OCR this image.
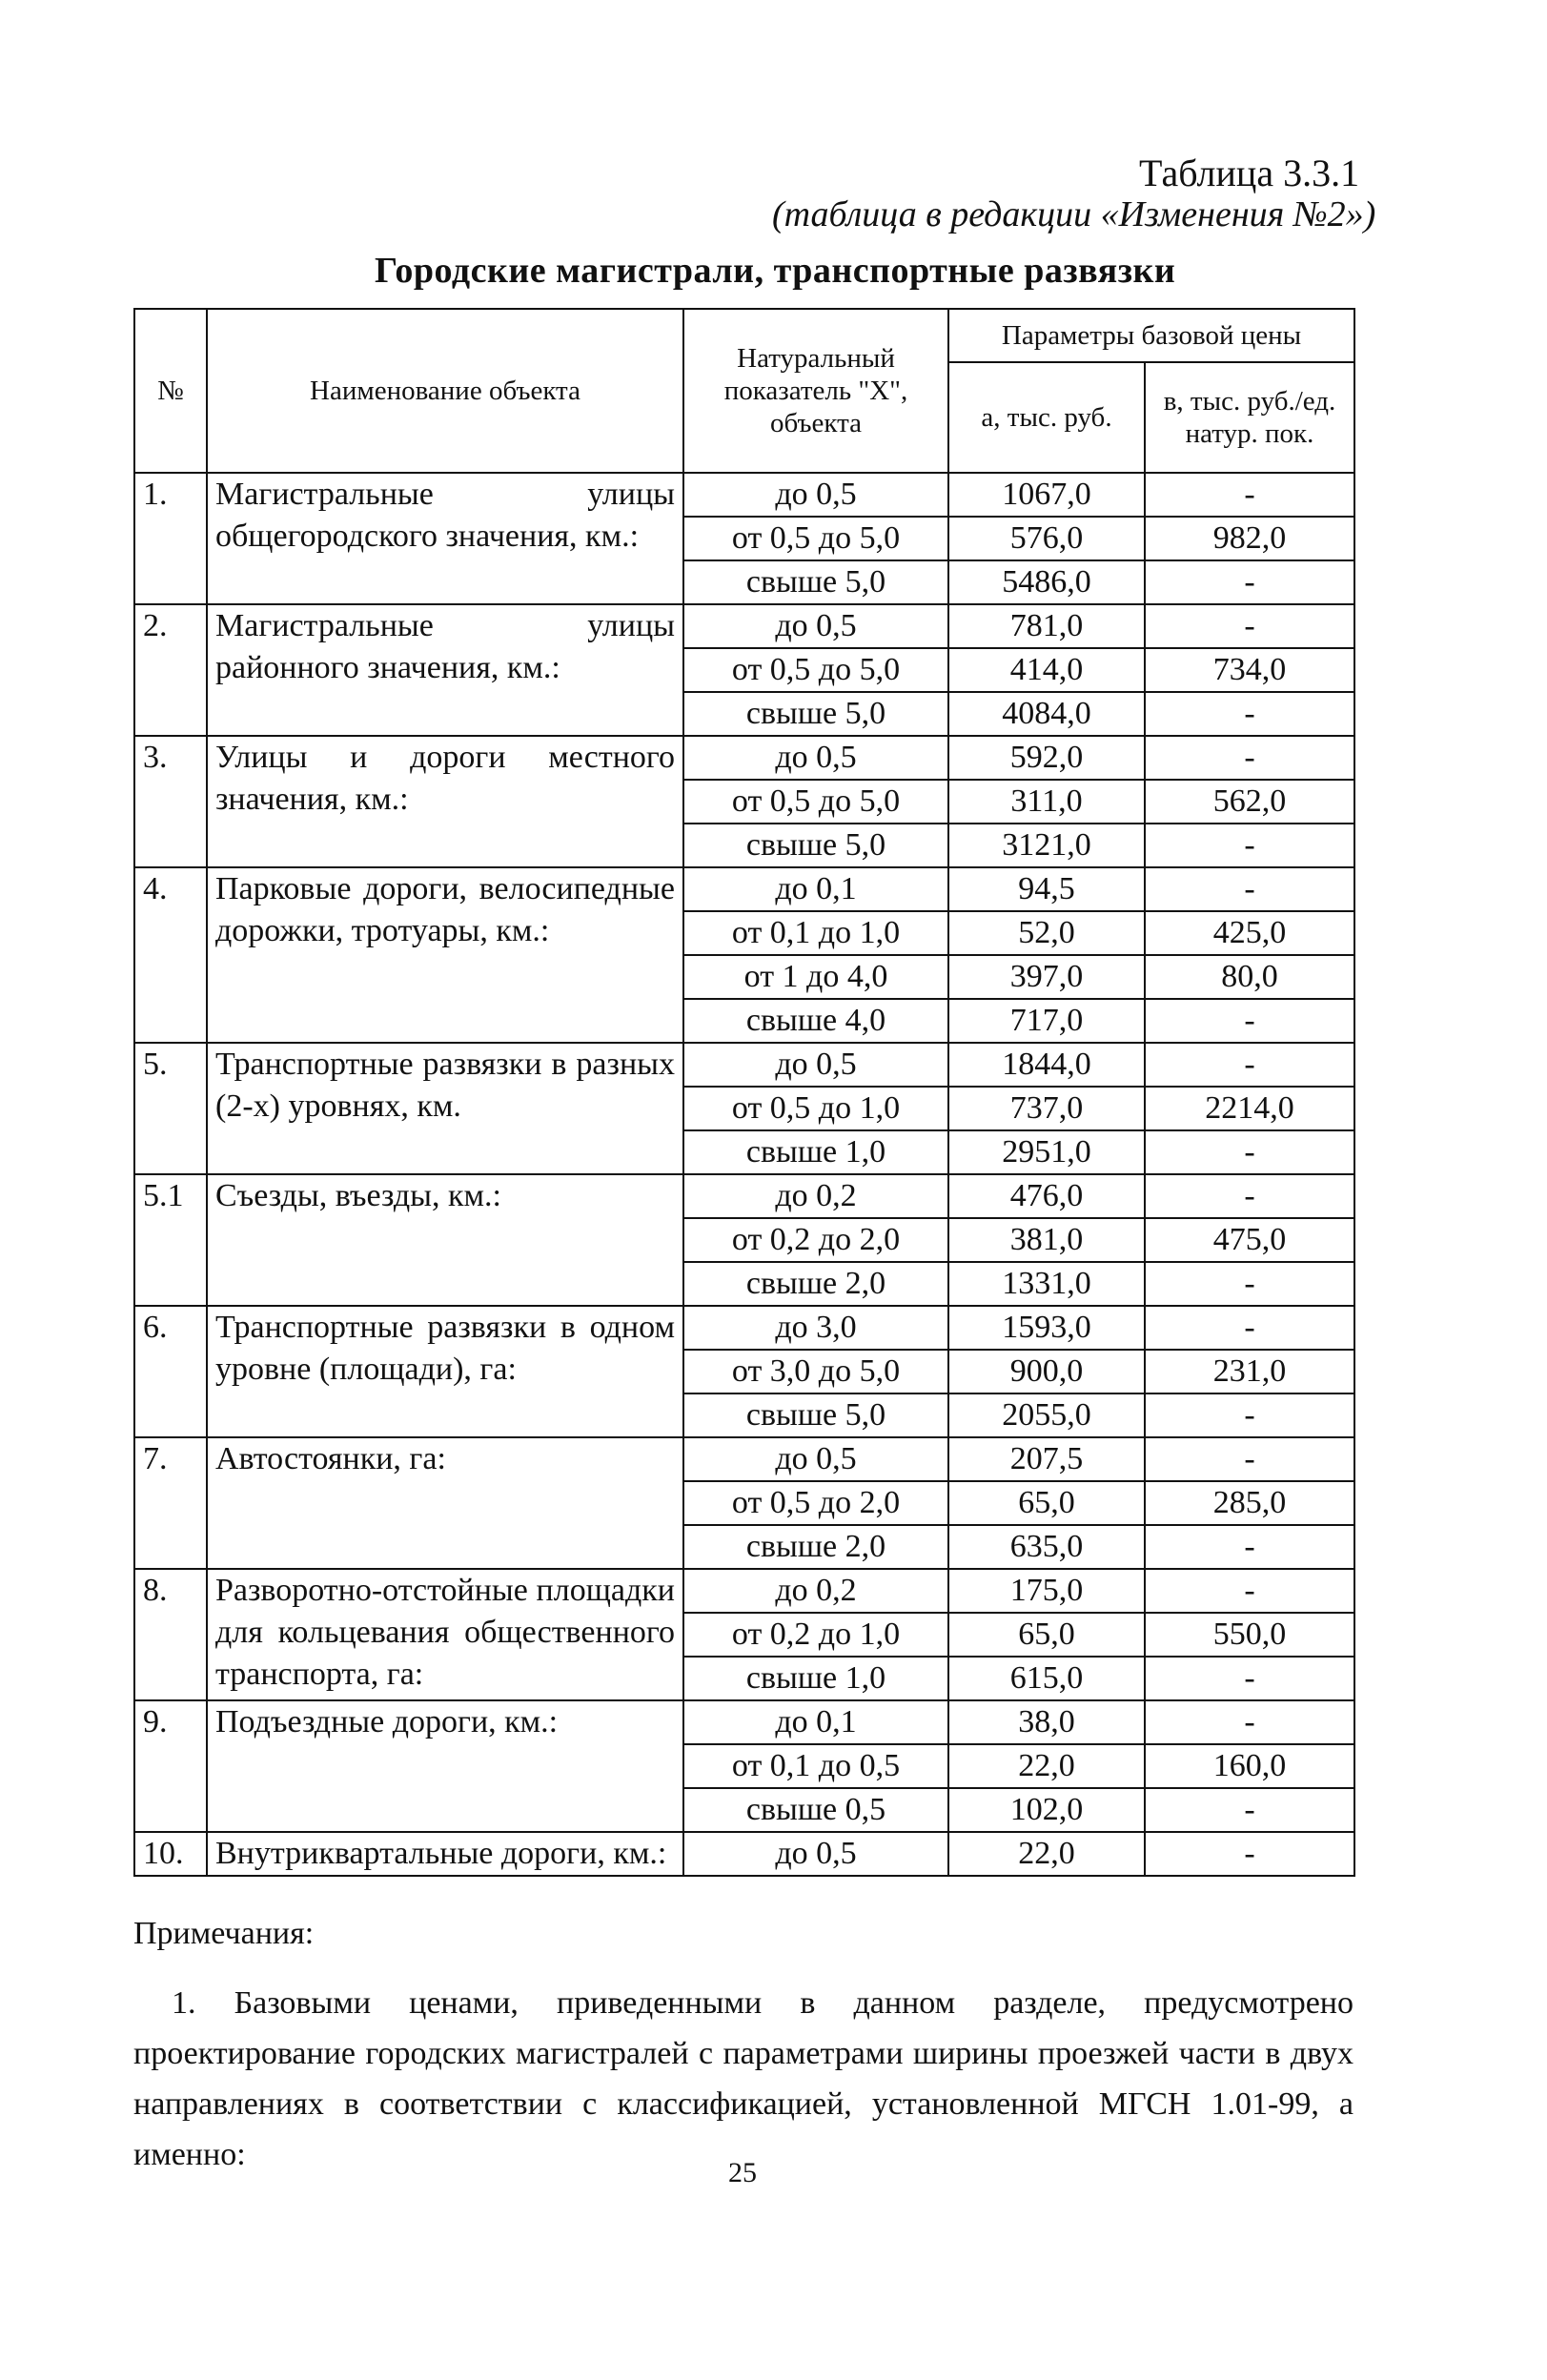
Таблица 3.3.1
(таблица в редакции «Изменения №2»)
Городские магистрали, транспортные развязки
№	Наименование объекта	Натуральный показатель "X", объекта	Параметры базовой цены	
			а, тыс. руб.	в, тыс. руб./ед. натур. пок.
1.	Магистральные улицы общегородского значения, км.:	до 0,5	1067,0	-
		от 0,5 до 5,0	576,0	982,0
		свыше 5,0	5486,0	-
2.	Магистральные улицы районного значения, км.:	до 0,5	781,0	-
		от 0,5 до 5,0	414,0	734,0
		свыше 5,0	4084,0	-
3.	Улицы и дороги местного значения, км.:	до 0,5	592,0	-
		от 0,5 до 5,0	311,0	562,0
		свыше 5,0	3121,0	-
4.	Парковые дороги, велосипедные дорожки, тротуары, км.:	до 0,1	94,5	-
		от 0,1 до 1,0	52,0	425,0
		от 1 до 4,0	397,0	80,0
		свыше 4,0	717,0	-
5.	Транспортные развязки в разных (2-х) уровнях, км.	до 0,5	1844,0	-
		от 0,5 до 1,0	737,0	2214,0
		свыше 1,0	2951,0	-
5.1	Съезды, въезды, км.:	до 0,2	476,0	-
		от 0,2 до 2,0	381,0	475,0
		свыше 2,0	1331,0	-
6.	Транспортные развязки в одном уровне (площади), га:	до 3,0	1593,0	-
		от 3,0 до 5,0	900,0	231,0
		свыше 5,0	2055,0	-
7.	Автостоянки, га:	до 0,5	207,5	-
		от 0,5 до 2,0	65,0	285,0
		свыше 2,0	635,0	-
8.	Разворотно-отстойные площадки для кольцевания общественного транспорта, га:	до 0,2	175,0	-
		от 0,2 до 1,0	65,0	550,0
		свыше 1,0	615,0	-
9.	Подъездные дороги, км.:	до 0,1	38,0	-
		от 0,1 до 0,5	22,0	160,0
		свыше 0,5	102,0	-
10.	Внутриквартальные дороги, км.:	до 0,5	22,0	-
Примечания:
1. Базовыми ценами, приведенными в данном разделе, предусмотрено проектирование городских магистралей с параметрами ширины проезжей части в двух направлениях в соответствии с классификацией, установленной МГСН 1.01-99, а именно:
25
